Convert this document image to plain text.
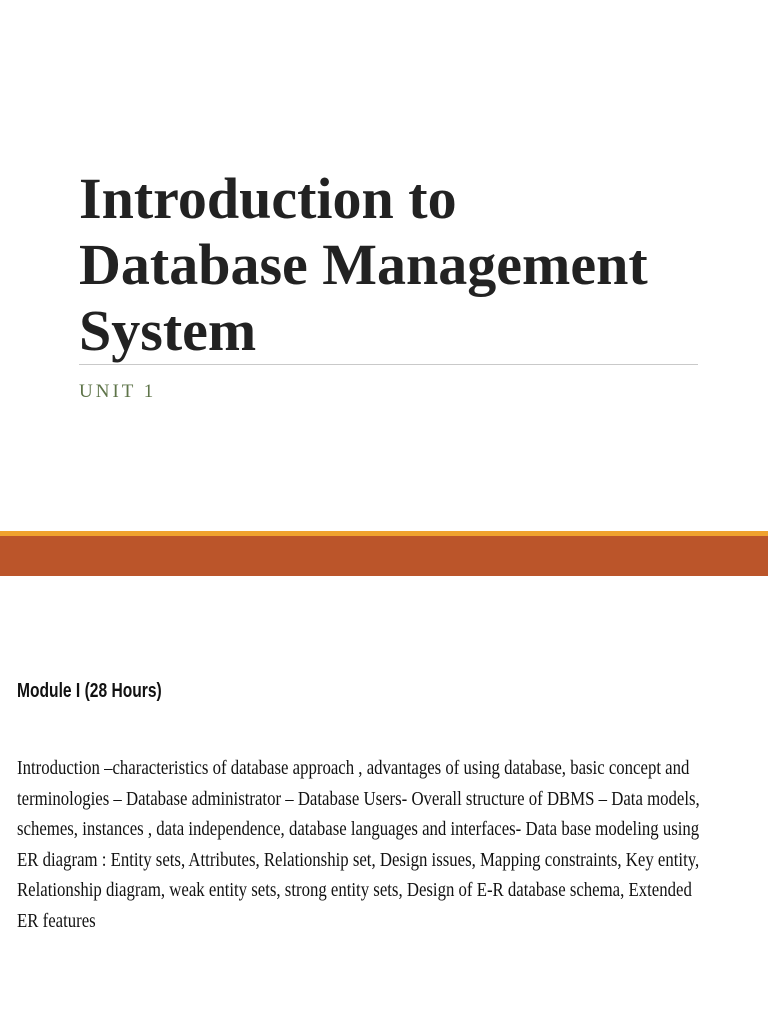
Introduction to
Database Management
System

UNIT 1

Module I (28 Hours)

Introduction –characteristics of database approach , advantages of using database, basic concept and
terminologies – Database administrator – Database Users- Overall structure of DBMS – Data models,
schemes, instances , data independence, database languages and interfaces- Data base modeling using
ER diagram : Entity sets, Attributes, Relationship set, Design issues, Mapping constraints, Key entity,
Relationship diagram, weak entity sets, strong entity sets, Design of E-R database schema, Extended
ER features
